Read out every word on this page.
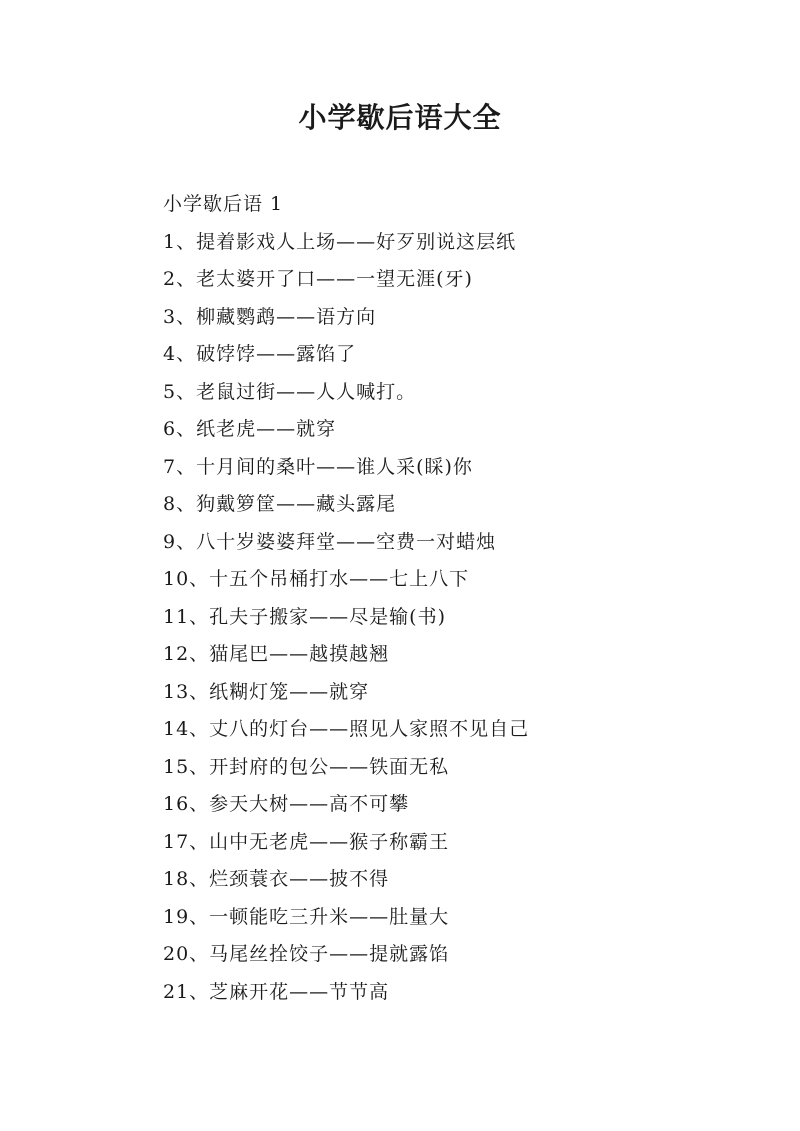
小学歇后语大全
小学歇后语 1
1、提着影戏人上场——好歹别说这层纸
2、老太婆开了口——一望无涯(牙)
3、柳藏鹦鹉——语方向
4、破饽饽——露馅了
5、老鼠过街——人人喊打。
6、纸老虎——就穿
7、十月间的桑叶——谁人采(睬)你
8、狗戴箩筐——藏头露尾
9、八十岁婆婆拜堂——空费一对蜡烛
10、十五个吊桶打水——七上八下
11、孔夫子搬家——尽是输(书)
12、猫尾巴——越摸越翘
13、纸糊灯笼——就穿
14、丈八的灯台——照见人家照不见自己
15、开封府的包公——铁面无私
16、参天大树——高不可攀
17、山中无老虎——猴子称霸王
18、烂颈蓑衣——披不得
19、一顿能吃三升米——肚量大
20、马尾丝拴饺子——提就露馅
21、芝麻开花——节节高
